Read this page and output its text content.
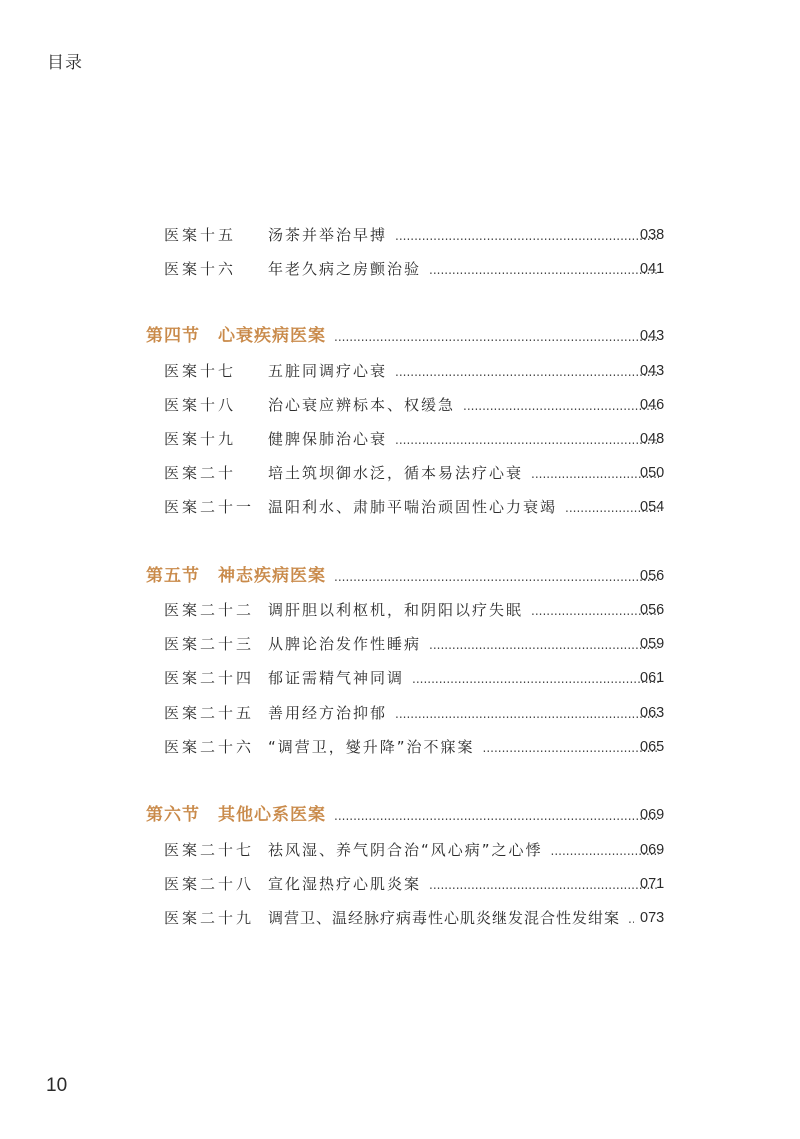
目录
医案十五 汤茶并举治早搏 .....	038
医案十六 年老久病之房颤治验 .....	041
第四节 心衰疾病医案 .....	043
医案十七 五脏同调疗心衰 .....	043
医案十八 治心衰应辨标本、权缓急 .....	046
医案十九 健脾保肺治心衰 .....	048
医案二十 培土筑坝御水泛，循本易法疗心衰 .....	050
医案二十一 温阳利水、肃肺平喘治顽固性心力衰竭 .....	054
第五节 神志疾病医案 .....	056
医案二十二 调肝胆以利枢机，和阴阳以疗失眠 .....	056
医案二十三 从脾论治发作性睡病 .....	059
医案二十四 郁证需精气神同调 .....	061
医案二十五 善用经方治抑郁 .....	063
医案二十六 “调营卫，燮升降”治不寐案 .....	065
第六节 其他心系医案 .....	069
医案二十七 祛风湿、养气阴合治“风心病”之心悸 .....	069
医案二十八 宣化湿热疗心肌炎案 .....	071
医案二十九 调营卫、温经脉疗病毒性心肌炎继发混合性发绀案 ..... 073
10
